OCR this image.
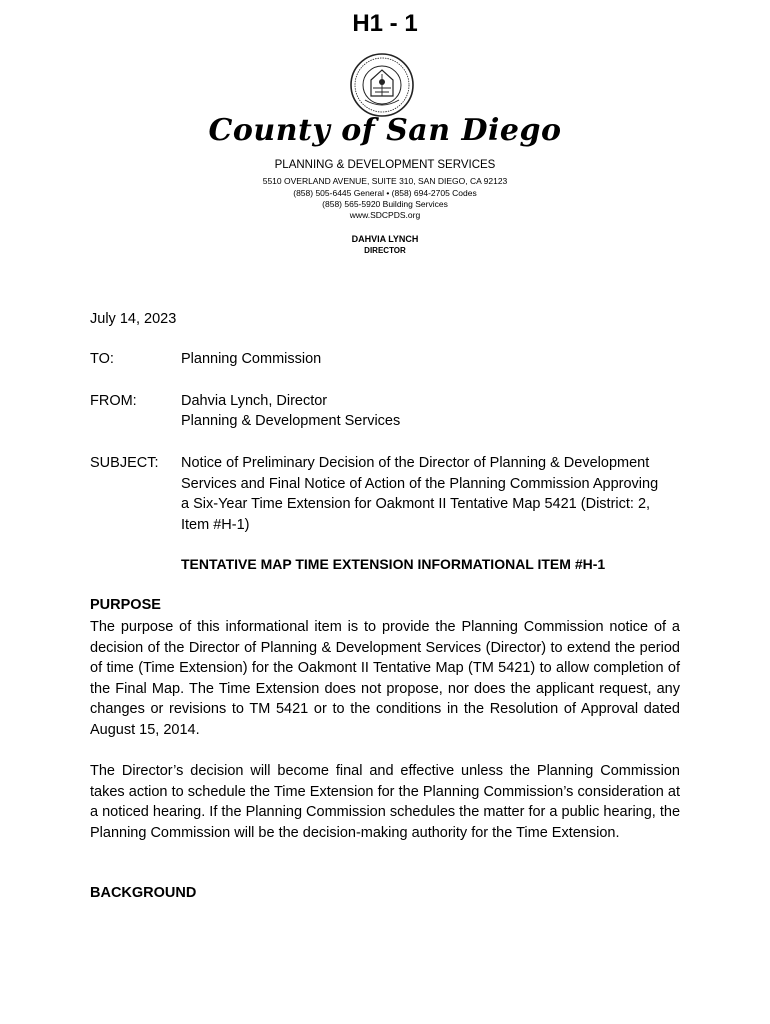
H1 - 1
County of San Diego
PLANNING & DEVELOPMENT SERVICES
5510 OVERLAND AVENUE, SUITE 310, SAN DIEGO, CA 92123
(858) 505-6445 General • (858) 694-2705 Codes
(858) 565-5920 Building Services
www.SDCPDS.org
DAHVIA LYNCH
DIRECTOR
July 14, 2023
TO:	Planning Commission
FROM:	Dahvia Lynch, Director
Planning & Development Services
SUBJECT: Notice of Preliminary Decision of the Director of Planning & Development
Services and Final Notice of Action of the Planning Commission Approving
a Six-Year Time Extension for Oakmont II Tentative Map 5421 (District: 2,
Item #H-1)
TENTATIVE MAP TIME EXTENSION INFORMATIONAL ITEM #H-1
PURPOSE
The purpose of this informational item is to provide the Planning Commission notice of a decision of the Director of Planning & Development Services (Director) to extend the period of time (Time Extension) for the Oakmont II Tentative Map (TM 5421) to allow completion of the Final Map. The Time Extension does not propose, nor does the applicant request, any changes or revisions to TM 5421 or to the conditions in the Resolution of Approval dated August 15, 2014.
The Director’s decision will become final and effective unless the Planning Commission takes action to schedule the Time Extension for the Planning Commission’s consideration at a noticed hearing. If the Planning Commission schedules the matter for a public hearing, the Planning Commission will be the decision-making authority for the Time Extension.
BACKGROUND
